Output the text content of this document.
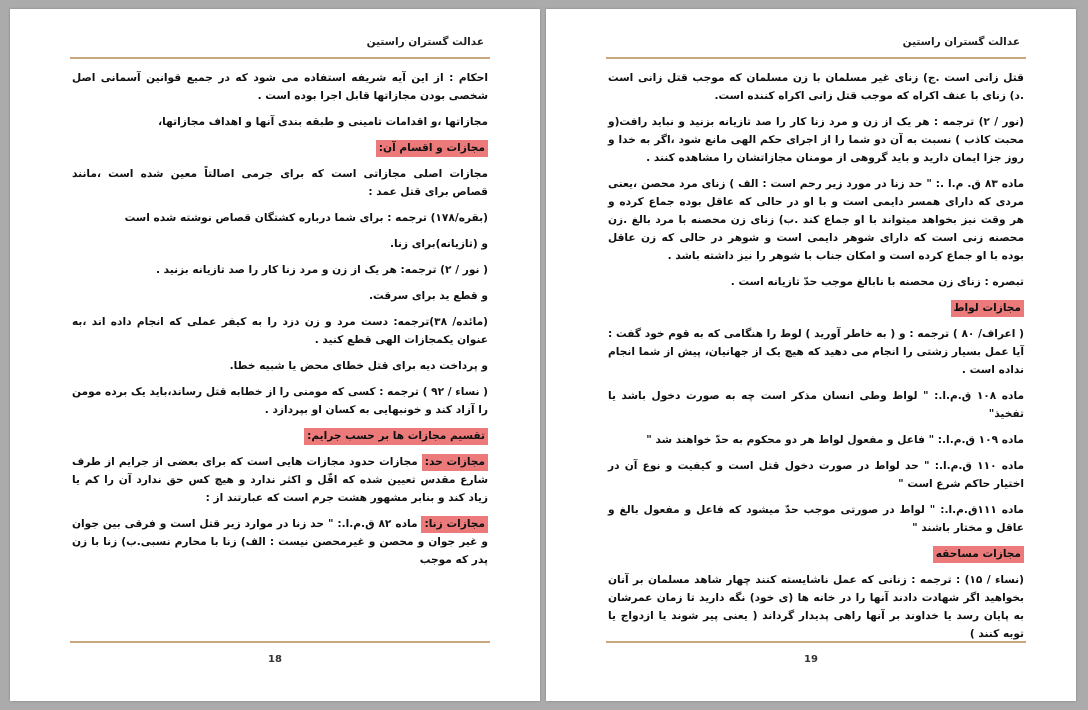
عدالت گستران راستین

احکام : از این آیه شریفه استفاده می شود که در جمیع قوانین آسمانی اصل شخصی بودن مجازاتها قابل اجرا بوده است .

مجازاتها ،و اقدامات تامینی و طبقه بندی آنها و اهداف مجازاتها،

مجازات و اقسام آن:

مجازات اصلی مجازاتی است که برای جرمی اصالتاً معین شده است ،مانند قصاص برای قتل عمد :

(بقره/۱۷۸) ترجمه : برای شما درباره کشتگان قصاص نوشته شده است

و (تازیانه)برای زنا.

( نور / ۲) ترجمه: هر یک از زن و مرد زنا کار را صد تازیانه بزنید .

و قطع ید برای سرقت.

(مائده/ ۳۸)ترجمه: دست مرد و زن دزد را به کیفر عملی که انجام داده اند ،به عنوان یکمجازات الهی قطع کنید .

و پرداخت دیه برای قتل خطای محض یا شبیه خطا.

( نساء / ۹۲ ) ترجمه : کسی که مومنی را از خطابه قتل رساند،باید یک برده مومن را آزاد کند و خونبهایی به کسان او بپردازد .

تقسیم مجازات ها بر حسب جرایم:

مجازات حد: مجازات حدود مجازات هایی است که برای بعضی از جرایم از طرف شارع مقدس تعیین شده که اقّل و اکثر ندارد و هیچ کس حق ندارد آن را کم یا زیاد کند و بنابر مشهور هشت جرم است که عبارتند از :

مجازات زنا: ماده ۸۲ ق.م.ا.: " حد زنا در موارد زیر قتل است و فرقی بین جوان و غیر جوان و محصن و غیرمحصن نیست : الف) زنا با محارم نسبی.ب) زنا با زن پدر که موجب

18
عدالت گستران راستین

قتل زانی است .ج) زنای غیر مسلمان با زن مسلمان که موجب قتل زانی است .د) زنای با عنف اکراه که موجب قتل زانی اکراه کننده است.

(نور / ۲) ترجمه : هر یک از زن و مرد زنا کار را صد تازیانه بزنید و نباید رافت(و محبت کاذب ) نسبت به آن دو شما را از اجرای حکم الهی مانع شود ،اگر به خدا و روز جزا ایمان دارید و باید گروهی از مومنان مجازاتشان را مشاهده کنند .

ماده ۸۳ ق. م.ا .: " حد زنا در مورد زیر رحم است : الف ) زنای مرد محصن ،یعنی مردی که دارای همسر دایمی است و با او در حالی که عاقل بوده جماع کرده و هر وقت نیز بخواهد میتواند با او جماع کند .ب) زنای زن محصنه با مرد بالغ .زن محصنه زنی است که دارای شوهر دایمی است و شوهر در حالی که زن عاقل بوده با او جماع کرده است و امکان جناب با شوهر را نیز داشته باشد .

تبصره : زنای زن محصنه با نابالغ موجب حدّ تازیانه است .

مجازات لواط

( اعراف/ ۸۰ ) ترجمه : و ( به خاطر آورید ) لوط را هنگامی که به قوم خود گفت : آیا عمل بسیار زشتی را انجام می دهید که هیچ یک از جهانیان، پیش از شما انجام نداده است .

ماده ۱۰۸ ق.م.ا.: " لواط وطی انسان مذکر است چه به صورت دخول باشد یا تفخیذ"

ماده ۱۰۹ ق.م.ا.: " فاعل و مفعول لواط هر دو محکوم به حدّ خواهند شد "

ماده ۱۱۰ ق.م.ا.: " حد لواط در صورت دخول قتل است و کیفیت و نوع آن در اختیار حاکم شرع است "

ماده ۱۱۱ق.م.ا.: " لواط در صورتی موجب حدّ میشود که فاعل و مفعول بالغ و عاقل و مختار باشند "

مجازات مساحقه

(نساء / ۱۵) : ترجمه : زنانی که عمل ناشایسته کنند چهار شاهد مسلمان بر آنان بخواهید اگر شهادت دادند آنها را در خانه ها (ی خود) نگه دارید تا زمان عمرشان به پایان رسد یا خداوند بر آنها راهی پدیدار گرداند ( یعنی پیر شوند یا ازدواج یا توبه کنند )

19
